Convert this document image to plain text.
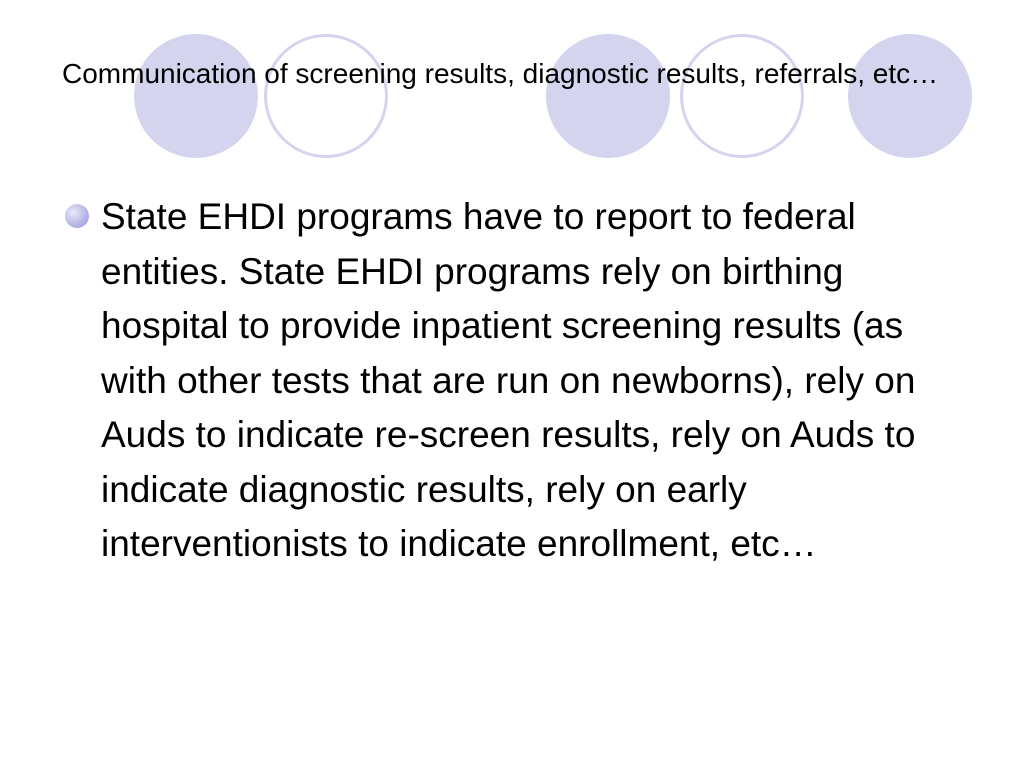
Communication of screening results, diagnostic results, referrals, etc…
State EHDI programs have to report to federal entities. State EHDI programs rely on birthing hospital to provide inpatient screening results (as with other tests that are run on newborns), rely on Auds to indicate re-screen results, rely on Auds to indicate diagnostic results, rely on early interventionists to indicate enrollment, etc…
